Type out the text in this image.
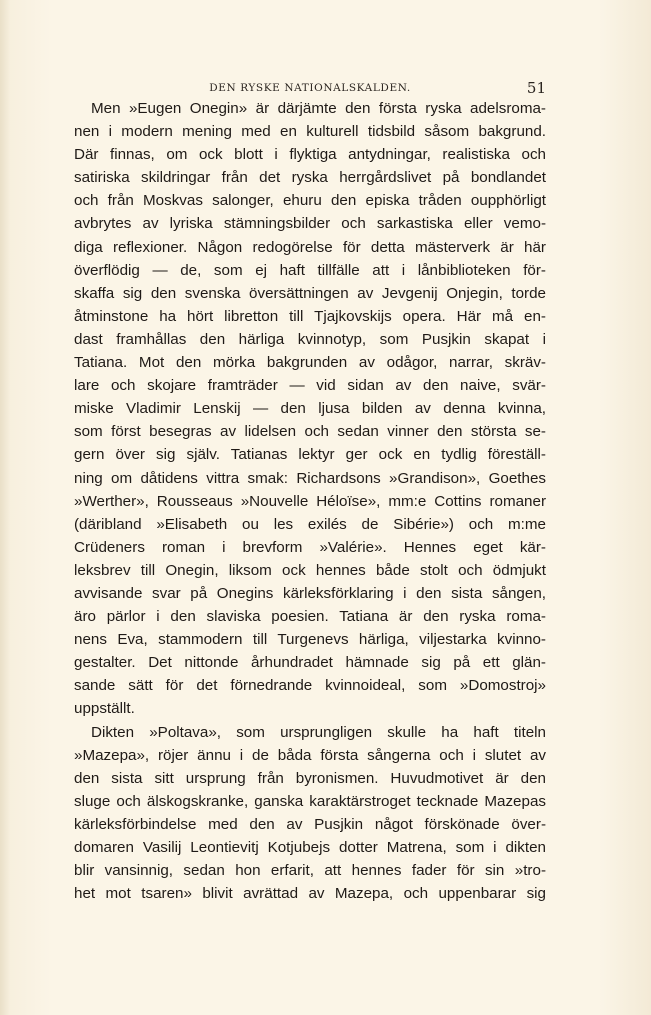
DEN RYSKE NATIONALSKALDEN.	51
Men »Eugen Onegin» är därjämte den första ryska adelsroma-
nen i modern mening med en kulturell tidsbild såsom bakgrund.
Där finnas, om ock blott i flyktiga antydningar, realistiska och
satiriska skildringar från det ryska herrgårdslivet på bondlandet
och från Moskvas salonger, ehuru den episka tråden oupphörligt
avbrytes av lyriska stämningsbilder och sarkastiska eller vemo-
diga reflexioner. Någon redogörelse för detta mästerverk är här
överflödig — de, som ej haft tillfälle att i lånbiblioteken för-
skaffa sig den svenska översättningen av Jevgenij Onjegin, torde
åtminstone ha hört libretton till Tjajkovskijs opera. Här må en-
dast framhållas den härliga kvinnotyp, som Pusjkin skapat i
Tatiana. Mot den mörka bakgrunden av odågor, narrar, skräv-
lare och skojare framträder — vid sidan av den naive, svär-
miske Vladimir Lenskij — den ljusa bilden av denna kvinna,
som först besegras av lidelsen och sedan vinner den största se-
gern över sig själv. Tatianas lektyr ger ock en tydlig föreställ-
ning om dåtidens vittra smak: Richardsons »Grandison», Goethes
»Werther», Rousseaus »Nouvelle Héloïse», mm:e Cottins romaner
(däribland »Elisabeth ou les exilés de Sibérie») och m:me
Crüdeners roman i brevform »Valérie». Hennes eget kär-
leksbrev till Onegin, liksom ock hennes både stolt och ödmjukt
avvisande svar på Onegins kärleksförklaring i den sista sången,
äro pärlor i den slaviska poesien. Tatiana är den ryska roma-
nens Eva, stammodern till Turgenevs härliga, viljestarka kvinno-
gestalter. Det nittonde århundradet hämnade sig på ett glän-
sande sätt för det förnedrande kvinnoideal, som »Domostroj»
uppställt.
Dikten »Poltava», som ursprungligen skulle ha haft titeln
»Mazepa», röjer ännu i de båda första sångerna och i slutet av
den sista sitt ursprung från byronismen. Huvudmotivet är den
sluge och älskogskranke, ganska karaktärstroget tecknade Mazepas
kärleksförbindelse med den av Pusjkin något förskönade över-
domaren Vasilij Leontievitj Kotjubejs dotter Matrena, som i dikten
blir vansinnig, sedan hon erfarit, att hennes fader för sin »tro-
het mot tsaren» blivit avrättad av Mazepa, och uppenbarar sig
